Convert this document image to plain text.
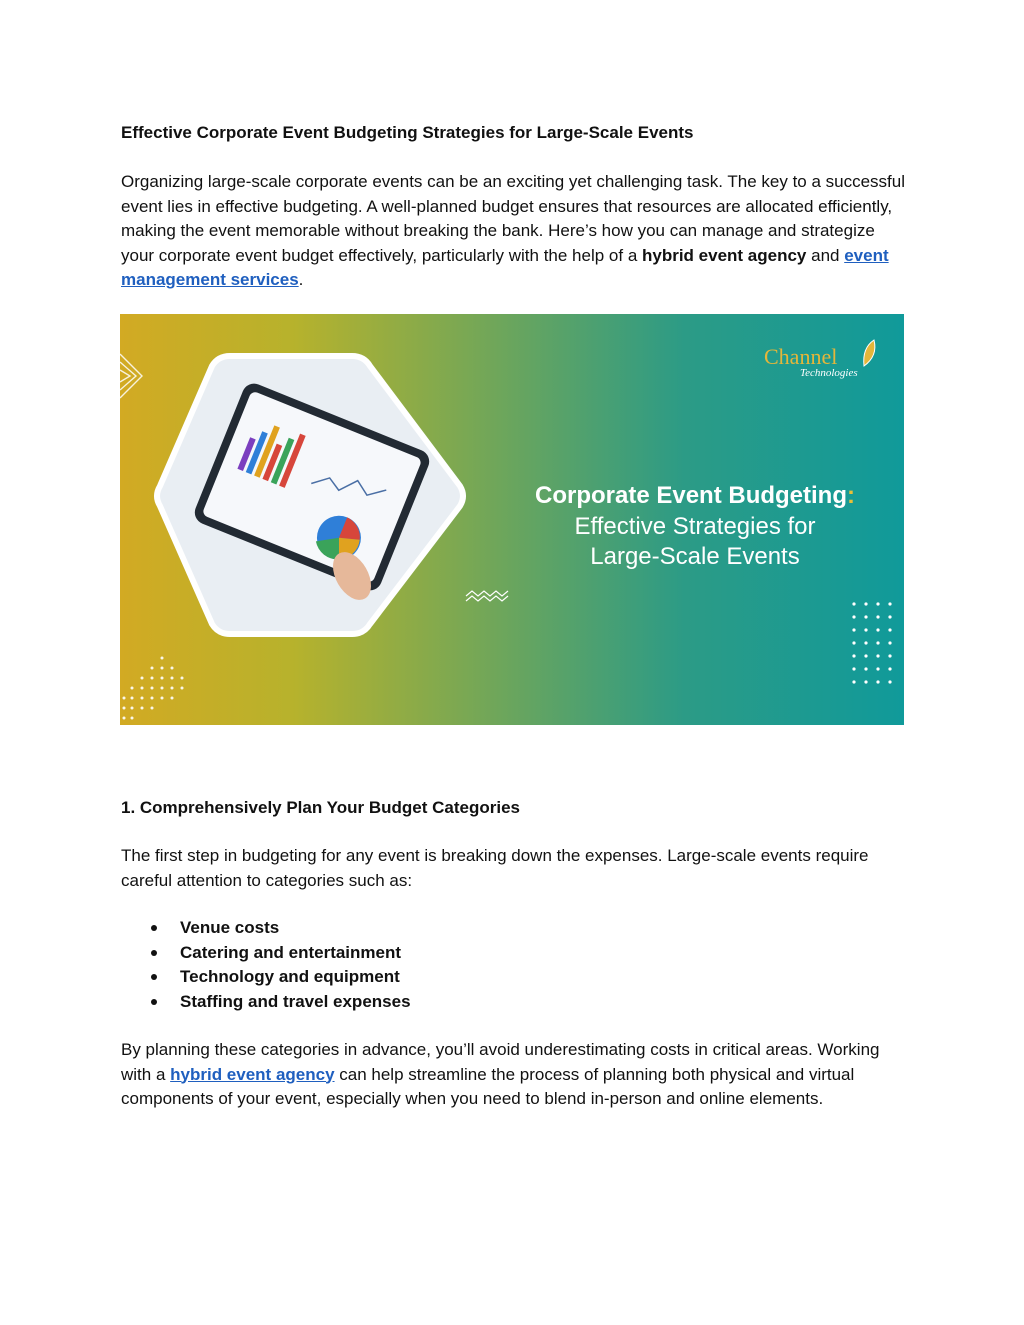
Effective Corporate Event Budgeting Strategies for Large-Scale Events
Organizing large-scale corporate events can be an exciting yet challenging task. The key to a successful event lies in effective budgeting. A well-planned budget ensures that resources are allocated efficiently, making the event memorable without breaking the bank. Here’s how you can manage and strategize your corporate event budget effectively, particularly with the help of a hybrid event agency and event management services.
Channel
Technologies
Corporate Event Budgeting:
Effective Strategies for
Large-Scale Events
1. Comprehensively Plan Your Budget Categories
The first step in budgeting for any event is breaking down the expenses. Large-scale events require careful attention to categories such as:
Venue costs
Catering and entertainment
Technology and equipment
Staffing and travel expenses
By planning these categories in advance, you’ll avoid underestimating costs in critical areas. Working with a hybrid event agency can help streamline the process of planning both physical and virtual components of your event, especially when you need to blend in-person and online elements.
